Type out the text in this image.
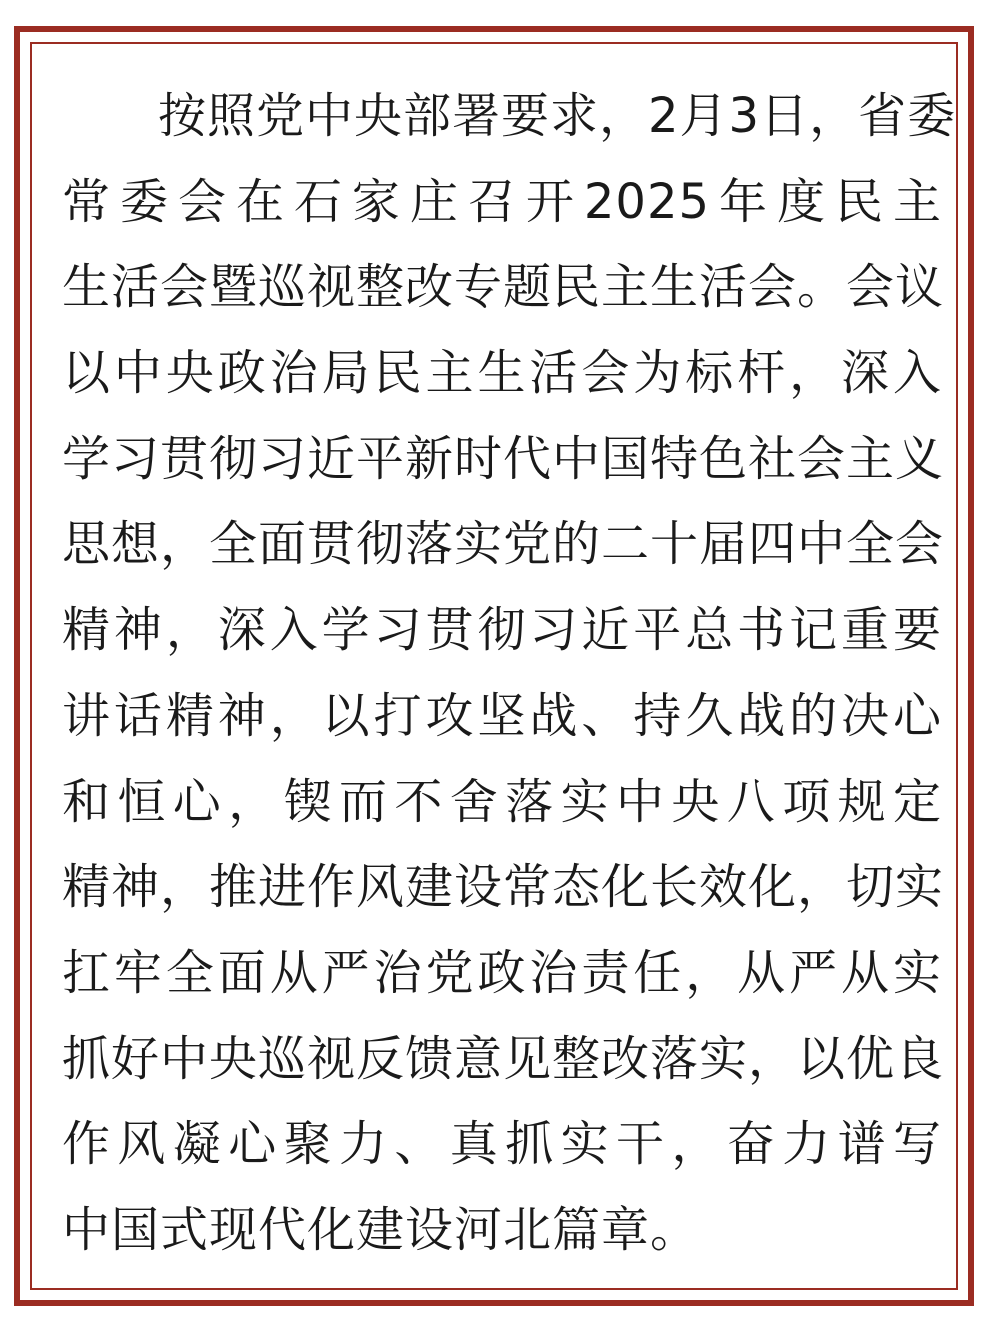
按照党中央部署要求，2月3日，省委
常委会在石家庄召开2025年度民主
生活会暨巡视整改专题民主生活会。会议
以中央政治局民主生活会为标杆，深入
学习贯彻习近平新时代中国特色社会主义
思想，全面贯彻落实党的二十届四中全会
精神，深入学习贯彻习近平总书记重要
讲话精神，以打攻坚战、持久战的决心
和恒心，锲而不舍落实中央八项规定
精神，推进作风建设常态化长效化，切实
扛牢全面从严治党政治责任，从严从实
抓好中央巡视反馈意见整改落实，以优良
作风凝心聚力、真抓实干，奋力谱写
中国式现代化建设河北篇章。
